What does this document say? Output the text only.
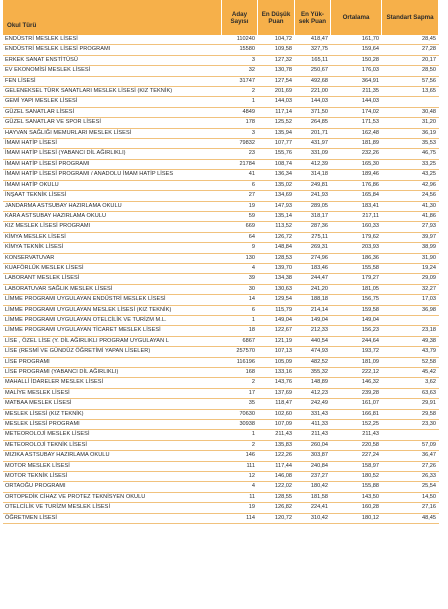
Okul Türü	Aday Sayısı	En Düşük Puan	En Yük-sek Puan	Ortalama	Standart Sapma
ENDÜSTRİ MESLEK LİSESİ	110240	104,72	418,47	161,70	28,45
ENDÜSTRİ MESLEK LİSESİ PROGRAMI	15580	109,58	327,75	159,64	27,28
ERKEK SANAT ENSTİTÜSÜ	3	127,32	165,11	150,28	20,17
EV EKONOMİSİ MESLEK LİSESİ	32	130,78	250,67	176,03	28,50
FEN LİSESİ	31747	127,54	492,68	364,91	57,56
GELENEKSEL TÜRK SANATLARI MESLEK LİSESİ (KIZ TEKNİK)	2	201,69	221,00	211,35	13,65
GEMİ YAPI MESLEK LİSESİ	1	144,03	144,03	144,03	
GÜZEL SANATLAR LİSESİ	4849	117,14	371,50	174,02	30,48
GÜZEL SANATLAR VE SPOR LİSESİ	178	125,52	264,85	171,53	31,20
HAYVAN SAĞLIĞI MEMURLARI MESLEK LİSESİ	3	135,94	201,71	162,48	36,19
İMAM HATİP LİSESİ	79832	107,77	431,97	181,89	35,53
İMAM HATİP LİSESİ (YABANCI DİL AĞIRLIKLI)	23	155,76	331,09	232,26	46,75
İMAM HATİP LİSESİ PROGRAMI	21784	108,74	412,39	165,30	33,25
İMAM HATİP LİSESİ PROGRAMI / ANADOLU İMAM HATİP LİSES	41	136,34	314,18	189,46	43,25
İMAM HATİP OKULU	6	135,02	249,81	176,86	42,96
İNŞAAT TEKNİK LİSESİ	27	134,69	241,93	165,84	24,56
JANDARMA ASTSUBAY HAZIRLAMA OKULU	19	147,93	289,05	183,41	41,30
KARA ASTSUBAY HAZIRLAMA OKULU	59	135,14	318,17	217,11	41,86
KIZ MESLEK LİSESİ PROGRAMI	669	113,52	287,36	160,33	27,93
KİMYA MESLEK LİSESİ	64	126,72	275,11	179,62	39,97
KİMYA TEKNİK LİSESİ	9	148,84	269,31	203,93	38,99
KONSERVATUVAR	130	128,53	274,96	186,36	31,90
KUAFÖRLÜK MESLEK LİSESİ	4	139,70	183,46	155,58	19,24
LABORANT MESLEK LİSESİ	39	134,38	244,47	179,27	29,09
LABORATUVAR SAĞLIK MESLEK LİSESİ	30	130,63	241,20	181,05	32,27
LİMME PROGRAMI UYGULAYAN ENDÜSTRİ MESLEK LİSESİ	14	129,54	188,18	156,75	17,03
LİMME PROGRAMI UYGULAYAN MESLEK LİSESİ (KIZ TEKNİK)	6	115,79	214,14	159,58	36,98
LİMME PROGRAMI UYGULAYAN OTELCİLİK VE TURİZM M.L.	1	149,04	149,04	149,04	
LİMME PROGRAMI UYGULAYAN TİCARET MESLEK LİSESİ	18	122,67	212,33	156,23	23,18
LİSE , ÖZEL LİSE (Y. DİL AĞIRLIKLI PROGRAM UYGULAYAN L	6867	121,19	440,54	244,64	49,38
LİSE (RESMİ VE GÜNDÜZ ÖĞRETİMİ YAPAN LİSELER)	257570	107,13	474,93	193,72	43,79
LİSE PROGRAMI	116196	105,09	482,52	181,09	52,58
LİSE PROGRAMI (YABANCI DİL AĞIRLIKLI)	168	133,16	355,32	222,12	45,42
MAHALLİ İDARELER MESLEK LİSESİ	2	143,76	148,89	146,32	3,62
MALİYE MESLEK LİSESİ	17	137,69	412,23	239,28	63,63
MATBAA MESLEK LİSESİ	35	118,47	242,49	161,07	29,91
MESLEK LİSESİ (KIZ TEKNİK)	70630	102,60	331,43	166,81	29,58
MESLEK LİSESİ PROGRAMI	30938	107,09	411,33	152,25	23,30
METEOROLOJİ MESLEK LİSESİ	1	211,43	211,43	211,43	
METEOROLOJİ TEKNİK LİSESİ	2	135,83	260,04	220,58	57,09
MIZIKA ASTSUBAY HAZIRLAMA OKULU	146	122,26	303,87	227,24	36,47
MOTOR MESLEK LİSESİ	111	117,44	240,84	158,97	27,26
MOTOR TEKNİK LİSESİ	12	146,08	237,27	180,52	26,33
ORTAOĞU PROGRAMI	4	122,02	180,42	155,88	25,54
ORTOPEDİK CİHAZ VE PROTEZ TEKNİSYEN OKULU	11	128,55	181,58	143,50	14,50
OTELCİLİK VE TURİZM MESLEK LİSESİ	19	126,82	224,41	160,28	27,16
ÖĞRETMEN LİSESİ	114	120,72	310,42	180,12	48,45
